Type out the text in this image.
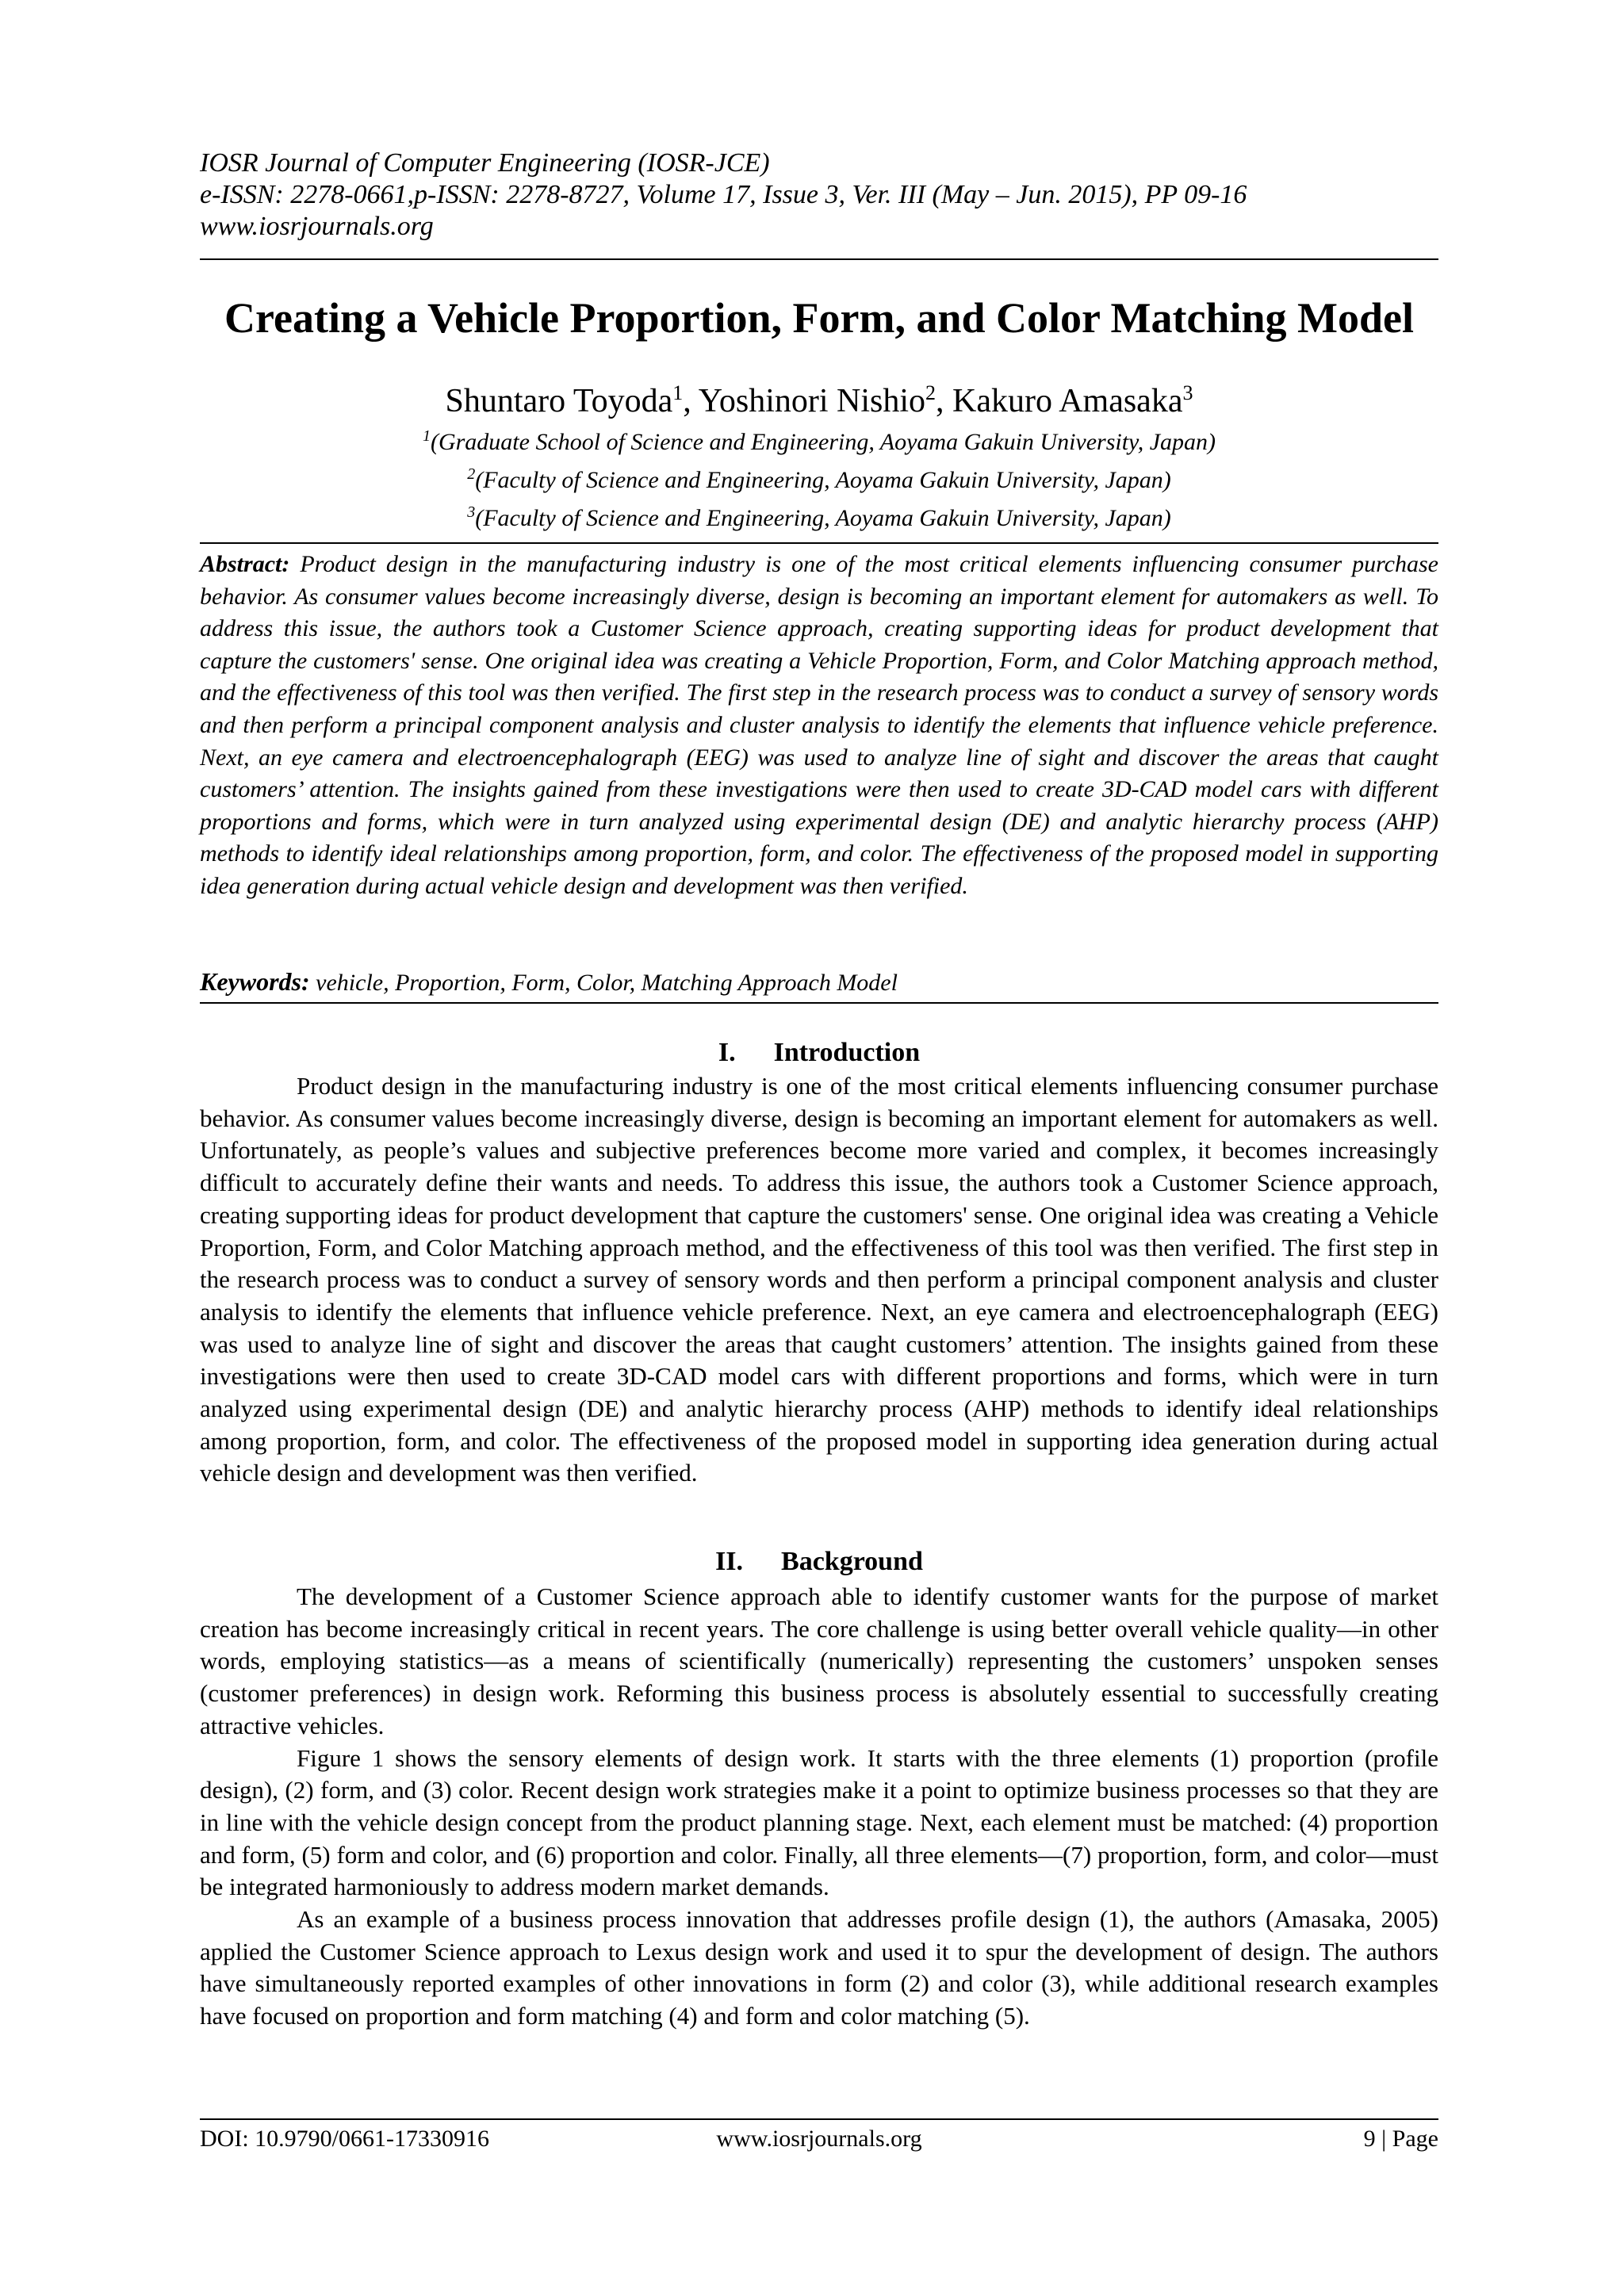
IOSR Journal of Computer Engineering (IOSR-JCE)
e-ISSN: 2278-0661,p-ISSN: 2278-8727, Volume 17, Issue 3, Ver. III (May – Jun. 2015), PP 09-16
www.iosrjournals.org
Creating a Vehicle Proportion, Form, and Color Matching Model
Shuntaro Toyoda$^1$, Yoshinori Nishio$^2$, Kakuro Amasaka$^3$
$^1$(Graduate School of Science and Engineering, Aoyama Gakuin University, Japan)
$^2$(Faculty of Science and Engineering, Aoyama Gakuin University, Japan)
$^3$(Faculty of Science and Engineering, Aoyama Gakuin University, Japan)
Abstract: Product design in the manufacturing industry is one of the most critical elements influencing consumer purchase behavior. As consumer values become increasingly diverse, design is becoming an important element for automakers as well. To address this issue, the authors took a Customer Science approach, creating supporting ideas for product development that capture the customers' sense. One original idea was creating a Vehicle Proportion, Form, and Color Matching approach method, and the effectiveness of this tool was then verified. The first step in the research process was to conduct a survey of sensory words and then perform a principal component analysis and cluster analysis to identify the elements that influence vehicle preference. Next, an eye camera and electroencephalograph (EEG) was used to analyze line of sight and discover the areas that caught customers’ attention. The insights gained from these investigations were then used to create 3D-CAD model cars with different proportions and forms, which were in turn analyzed using experimental design (DE) and analytic hierarchy process (AHP) methods to identify ideal relationships among proportion, form, and color. The effectiveness of the proposed model in supporting idea generation during actual vehicle design and development was then verified.
Keywords: vehicle, Proportion, Form, Color, Matching Approach Model
I. Introduction

Product design in the manufacturing industry is one of the most critical elements influencing consumer purchase behavior. As consumer values become increasingly diverse, design is becoming an important element for automakers as well. Unfortunately, as people’s values and subjective preferences become more varied and complex, it becomes increasingly difficult to accurately define their wants and needs. To address this issue, the authors took a Customer Science approach, creating supporting ideas for product development that capture the customers' sense. One original idea was creating a Vehicle Proportion, Form, and Color Matching approach method, and the effectiveness of this tool was then verified. The first step in the research process was to conduct a survey of sensory words and then perform a principal component analysis and cluster analysis to identify the elements that influence vehicle preference. Next, an eye camera and electroencephalograph (EEG) was used to analyze line of sight and discover the areas that caught customers’ attention. The insights gained from these investigations were then used to create 3D-CAD model cars with different proportions and forms, which were in turn analyzed using experimental design (DE) and analytic hierarchy process (AHP) methods to identify ideal relationships among proportion, form, and color. The effectiveness of the proposed model in supporting idea generation during actual vehicle design and development was then verified.

II. Background

The development of a Customer Science approach able to identify customer wants for the purpose of market creation has become increasingly critical in recent years. The core challenge is using better overall vehicle quality—in other words, employing statistics—as a means of scientifically (numerically) representing the customers’ unspoken senses (customer preferences) in design work. Reforming this business process is absolutely essential to successfully creating attractive vehicles.

Figure 1 shows the sensory elements of design work. It starts with the three elements (1) proportion (profile design), (2) form, and (3) color. Recent design work strategies make it a point to optimize business processes so that they are in line with the vehicle design concept from the product planning stage. Next, each element must be matched: (4) proportion and form, (5) form and color, and (6) proportion and color. Finally, all three elements—(7) proportion, form, and color—must be integrated harmoniously to address modern market demands.

As an example of a business process innovation that addresses profile design (1), the authors (Amasaka, 2005) applied the Customer Science approach to Lexus design work and used it to spur the development of design. The authors have simultaneously reported examples of other innovations in form (2) and color (3), while additional research examples have focused on proportion and form matching (4) and form and color matching (5).

DOI: 10.9790/0661-17330916	www.iosrjournals.org	9 | Page
